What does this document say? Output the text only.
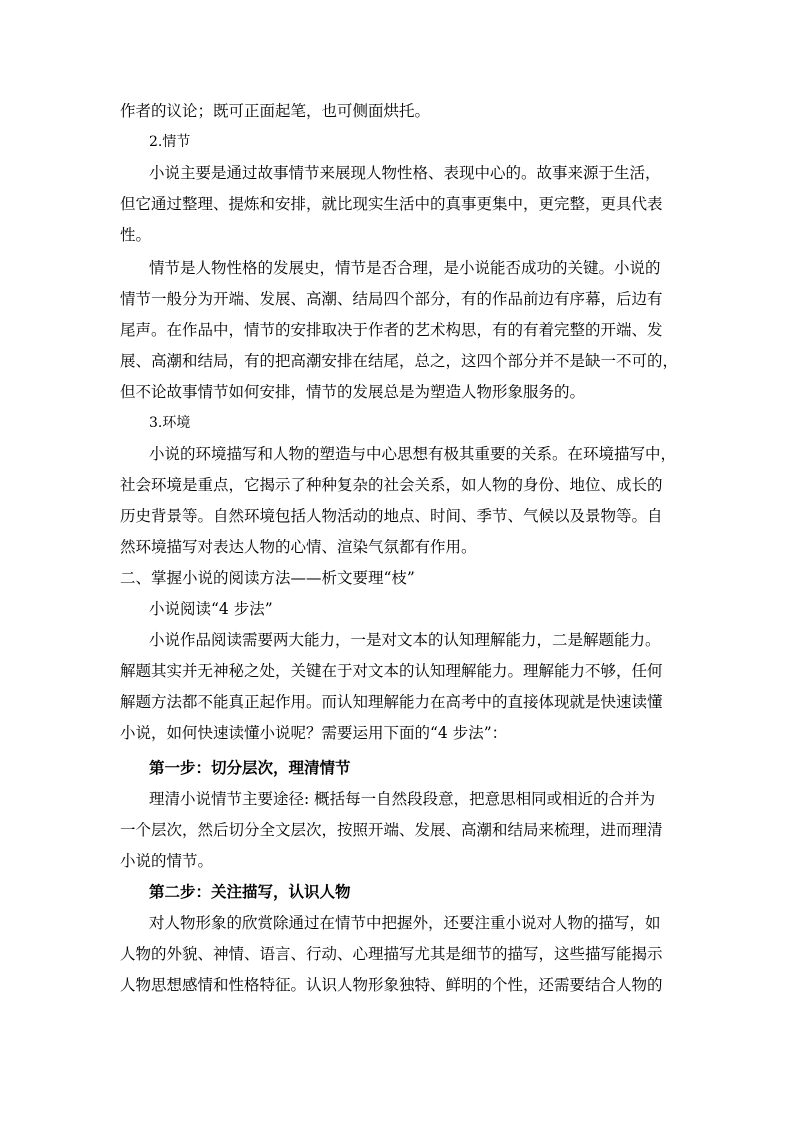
作者的议论；既可正面起笔，也可侧面烘托。
2.情节
小说主要是通过故事情节来展现人物性格、表现中心的。故事来源于生活，
但它通过整理、提炼和安排，就比现实生活中的真事更集中，更完整，更具代表
性。
情节是人物性格的发展史，情节是否合理，是小说能否成功的关键。小说的
情节一般分为开端、发展、高潮、结局四个部分，有的作品前边有序幕，后边有
尾声。在作品中，情节的安排取决于作者的艺术构思，有的有着完整的开端、发
展、高潮和结局，有的把高潮安排在结尾，总之，这四个部分并不是缺一不可的，
但不论故事情节如何安排，情节的发展总是为塑造人物形象服务的。
3.环境
小说的环境描写和人物的塑造与中心思想有极其重要的关系。在环境描写中，
社会环境是重点，它揭示了种种复杂的社会关系，如人物的身份、地位、成长的
历史背景等。自然环境包括人物活动的地点、时间、季节、气候以及景物等。自
然环境描写对表达人物的心情、渲染气氛都有作用。
二、掌握小说的阅读方法——析文要理“枝”
小说阅读“4 步法”
小说作品阅读需要两大能力，一是对文本的认知理解能力，二是解题能力。
解题其实并无神秘之处，关键在于对文本的认知理解能力。理解能力不够，任何
解题方法都不能真正起作用。而认知理解能力在高考中的直接体现就是快速读懂
小说，如何快速读懂小说呢？需要运用下面的“4 步法”：
第一步：切分层次，理清情节
理清小说情节主要途径: 概括每一自然段段意，把意思相同或相近的合并为
一个层次，然后切分全文层次，按照开端、发展、高潮和结局来梳理，进而理清
小说的情节。
第二步：关注描写，认识人物
对人物形象的欣赏除通过在情节中把握外，还要注重小说对人物的描写，如
人物的外貌、神情、语言、行动、心理描写尤其是细节的描写，这些描写能揭示
人物思想感情和性格特征。认识人物形象独特、鲜明的个性，还需要结合人物的
